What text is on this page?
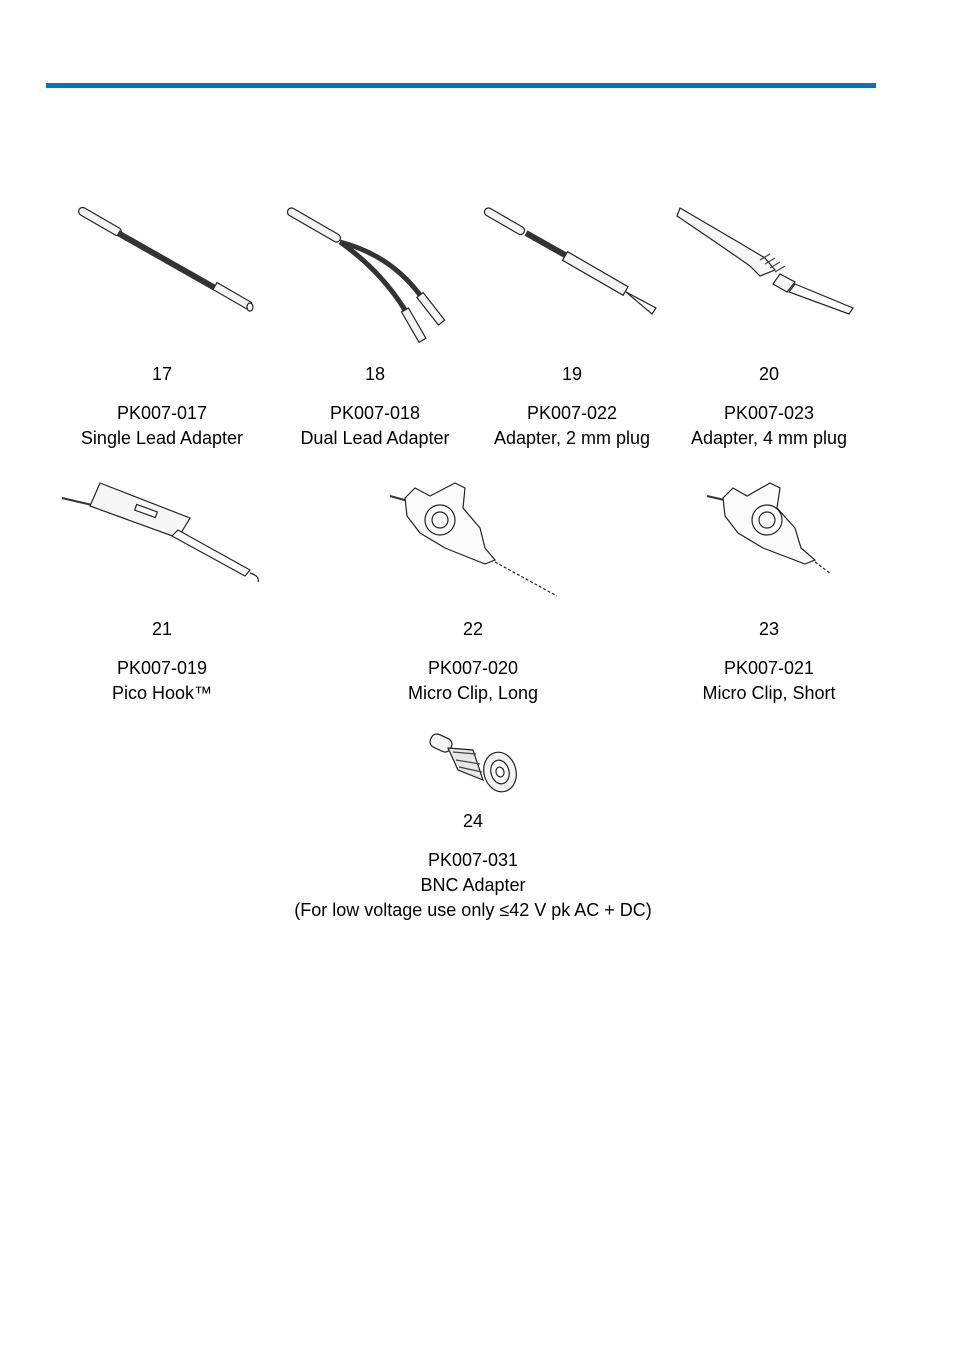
17
PK007-017
Single Lead Adapter
18
PK007-018
Dual Lead Adapter
19
PK007-022
Adapter, 2 mm plug
20
PK007-023
Adapter, 4 mm plug
21
PK007-019
Pico Hook™
22
PK007-020
Micro Clip, Long
23
PK007-021
Micro Clip, Short
24
PK007-031
BNC Adapter
(For low voltage use only ≤42 V pk AC + DC)
